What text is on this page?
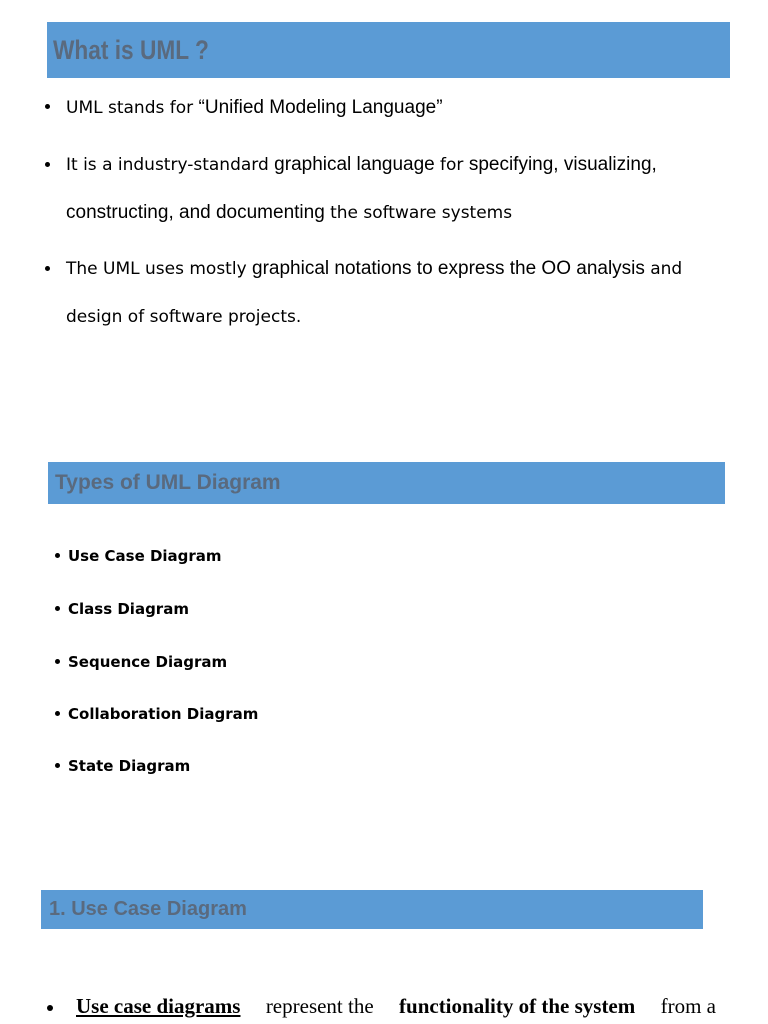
What is UML ?
UML stands for “Unified Modeling Language”
It is a industry-standard graphical language for specifying, visualizing,
constructing, and documenting the software systems
The UML uses mostly graphical notations to express the OO analysis and
design of software projects.
Types of UML Diagram
Use Case Diagram
Class Diagram
Sequence Diagram
Collaboration Diagram
State Diagram
1. Use Case Diagram
Use case diagrams represent the functionality of the system from a
